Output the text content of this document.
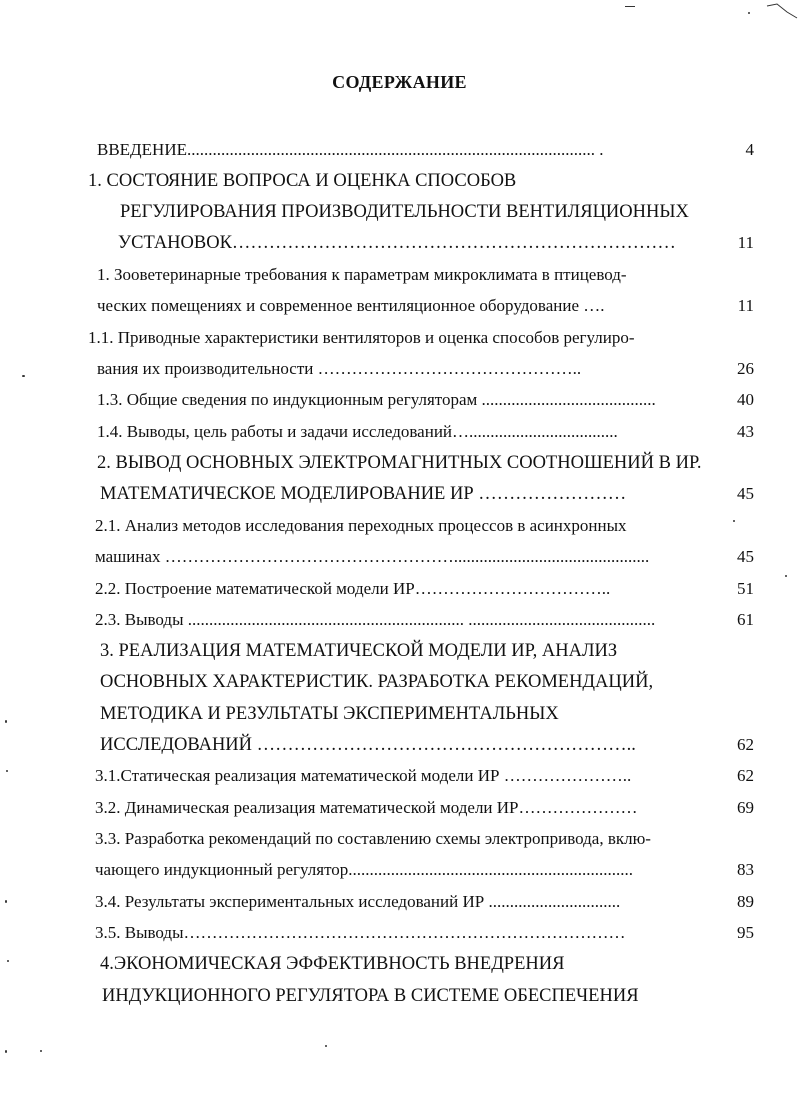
СОДЕРЖАНИЕ
ВВЕДЕНИЕ................................................................................................ .	4
1. СОСТОЯНИЕ ВОПРОСА И ОЦЕНКА СПОСОБОВ
РЕГУЛИРОВАНИЯ ПРОИЗВОДИТЕЛЬНОСТИ ВЕНТИЛЯЦИОННЫХ
УСТАНОВОК………………………………………………………………	11
1. Зооветеринарные требования к параметрам микроклимата в птицевод-
ческих помещениях и современное вентиляционное оборудование ….	11
1.1. Приводные характеристики вентиляторов и оценка способов регулиро-
вания их производительности ………………………………………..	26
1.3. Общие сведения по индукционным регуляторам .........................................	40
1.4. Выводы, цель работы и задачи исследований…...................................	43
2. ВЫВОД ОСНОВНЫХ ЭЛЕКТРОМАГНИТНЫХ СООТНОШЕНИЙ В ИР.
МАТЕМАТИЧЕСКОЕ МОДЕЛИРОВАНИЕ ИР ……………………	45
2.1. Анализ методов исследования переходных процессов в асинхронных
машинах ……………………………………………..............................................	45
2.2. Построение математической модели ИР……………………………..	51
2.3. Выводы ................................................................. ............................................	61
3. РЕАЛИЗАЦИЯ МАТЕМАТИЧЕСКОЙ МОДЕЛИ ИР, АНАЛИЗ
ОСНОВНЫХ ХАРАКТЕРИСТИК. РАЗРАБОТКА РЕКОМЕНДАЦИЙ,
МЕТОДИКА И РЕЗУЛЬТАТЫ ЭКСПЕРИМЕНТАЛЬНЫХ
ИССЛЕДОВАНИЙ ……………………………………………………..	62
3.1.Статическая реализация математической модели ИР …………………..	62
3.2. Динамическая реализация математической модели ИР…………………	69
3.3. Разработка рекомендаций по составлению схемы электропривода, вклю-
чающего индукционный регулятор...................................................................	83
3.4. Результаты экспериментальных исследований ИР ...............................	89
3.5. Выводы……………………………………………………………………	95
4.ЭКОНОМИЧЕСКАЯ ЭФФЕКТИВНОСТЬ ВНЕДРЕНИЯ
ИНДУКЦИОННОГО РЕГУЛЯТОРА В СИСТЕМЕ ОБЕСПЕЧЕНИЯ
